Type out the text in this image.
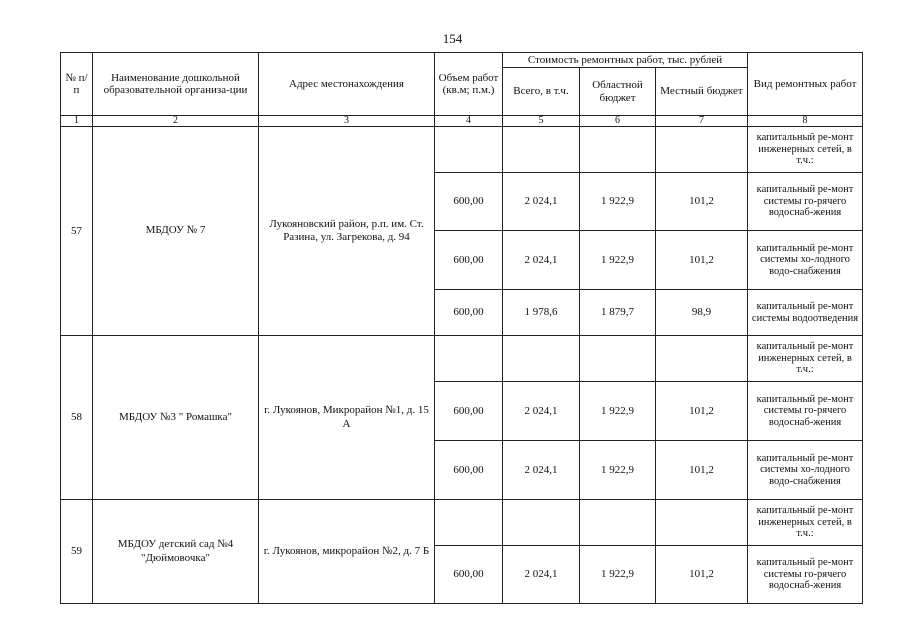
154
№ п/п	Наименование дошкольной образовательной организа-ции	Адрес местонахождения	Объем работ (кв.м; п.м.)	Стоимость ремонтных работ, тыс. рублей			Вид ремонтных работ
				Всего, в т.ч.	Областной бюджет	Местный бюджет	
1	2	3	4	5	6	7	8
57	МБДОУ № 7	Лукояновский район, р.п. им. Ст. Разина, ул. Загрекова, д. 94					капитальный ре-монт инженерных сетей, в т.ч.:
			600,00	2 024,1	1 922,9	101,2	капитальный ре-монт системы го-рячего водоснаб-жения
			600,00	2 024,1	1 922,9	101,2	капитальный ре-монт системы хо-лодного водо-снабжения
			600,00	1 978,6	1 879,7	98,9	капитальный ре-монт системы водоотведения
58	МБДОУ №3 " Ромашка"	г. Лукоянов, Микрорайон №1, д. 15 А					капитальный ре-монт инженерных сетей, в т.ч.:
			600,00	2 024,1	1 922,9	101,2	капитальный ре-монт системы го-рячего водоснаб-жения
			600,00	2 024,1	1 922,9	101,2	капитальный ре-монт системы хо-лодного водо-снабжения
59	МБДОУ детский сад №4 "Дюймовочка"	г. Лукоянов, микрорайон №2, д. 7 Б					капитальный ре-монт инженерных сетей, в т.ч.:
			600,00	2 024,1	1 922,9	101,2	капитальный ре-монт системы го-рячего водоснаб-жения
